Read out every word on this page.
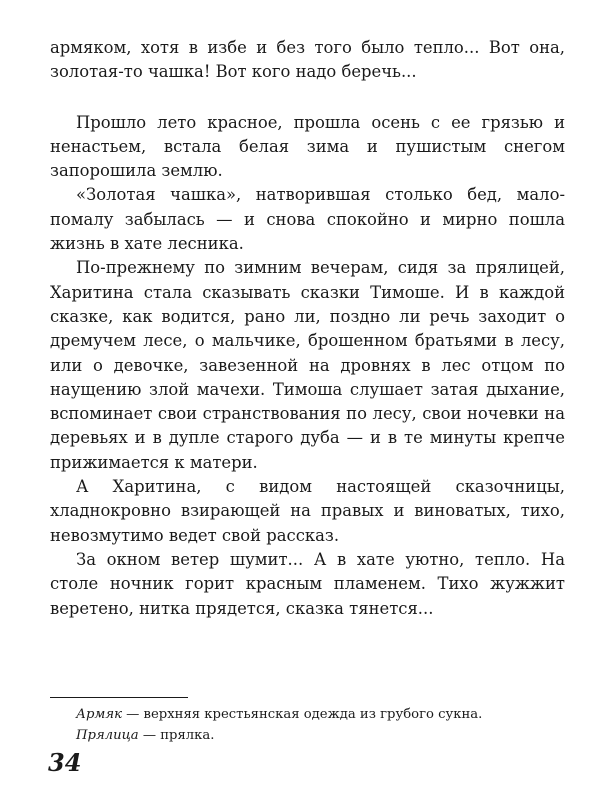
армяком, хотя в избе и без того было тепло... Вот она, золотая-то чашка! Вот кого надо беречь...

Прошло лето красное, прошла осень с ее грязью и ненастьем, встала белая зима и пушистым снегом запорошила землю.

«Золотая чашка», натворившая столько бед, мало-помалу забылась — и снова спокойно и мирно пошла жизнь в хате лесника.

По-прежнему по зимним вечерам, сидя за прялицей, Харитина стала сказывать сказки Тимоше. И в каждой сказке, как водится, рано ли, поздно ли речь заходит о дремучем лесе, о мальчике, брошенном братьями в лесу, или о девочке, завезенной на дровнях в лес отцом по наущению злой мачехи. Тимоша слушает затая дыхание, вспоминает свои странствования по лесу, свои ночевки на деревьях и в дупле старого дуба — и в те минуты крепче прижимается к матери.

А Харитина, с видом настоящей сказочницы, хладнокровно взирающей на правых и виноватых, тихо, невозмутимо ведет свой рассказ.

За окном ветер шумит... А в хате уютно, тепло. На столе ночник горит красным пламенем. Тихо жужжит веретено, нитка прядется, сказка тянется...

Армяк — верхняя крестьянская одежда из грубого сукна.

Прялица — прялка.

34
